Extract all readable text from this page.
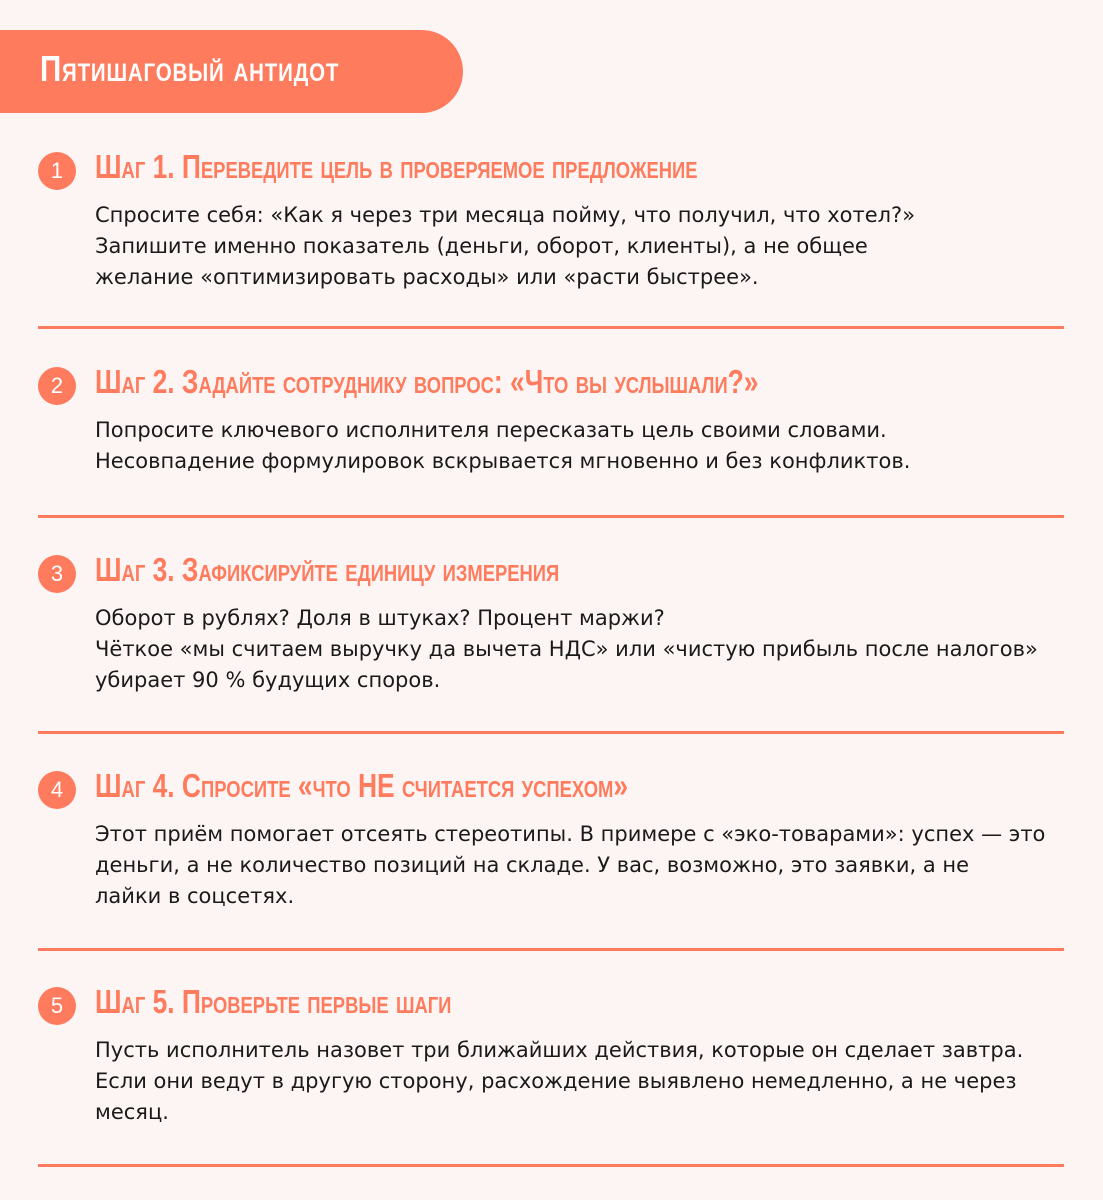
Пятишаговый антидот
1 Шаг 1. Переведите цель в проверяемое предложение
Спросите себя: «Как я через три месяца пойму, что получил, что хотел?»
Запишите именно показатель (деньги, оборот, клиенты), а не общее
желание «оптимизировать расходы» или «расти быстрее».
2 Шаг 2. Задайте сотруднику вопрос: «Что вы услышали?»
Попросите ключевого исполнителя пересказать цель своими словами.
Несовпадение формулировок вскрывается мгновенно и без конфликтов.
3 Шаг 3. Зафиксируйте единицу измерения
Оборот в рублях? Доля в штуках? Процент маржи?
Чёткое «мы считаем выручку да вычета НДС» или «чистую прибыль после налогов»
убирает 90 % будущих споров.
4 Шаг 4. Спросите «что НЕ считается успехом»
Этот приём помогает отсеять стереотипы. В примере с «эко-товарами»: успех — это
деньги, а не количество позиций на складе. У вас, возможно, это заявки, а не
лайки в соцсетях.
5 Шаг 5. Проверьте первые шаги
Пусть исполнитель назовет три ближайших действия, которые он сделает завтра.
Если они ведут в другую сторону, расхождение выявлено немедленно, а не через
месяц.
